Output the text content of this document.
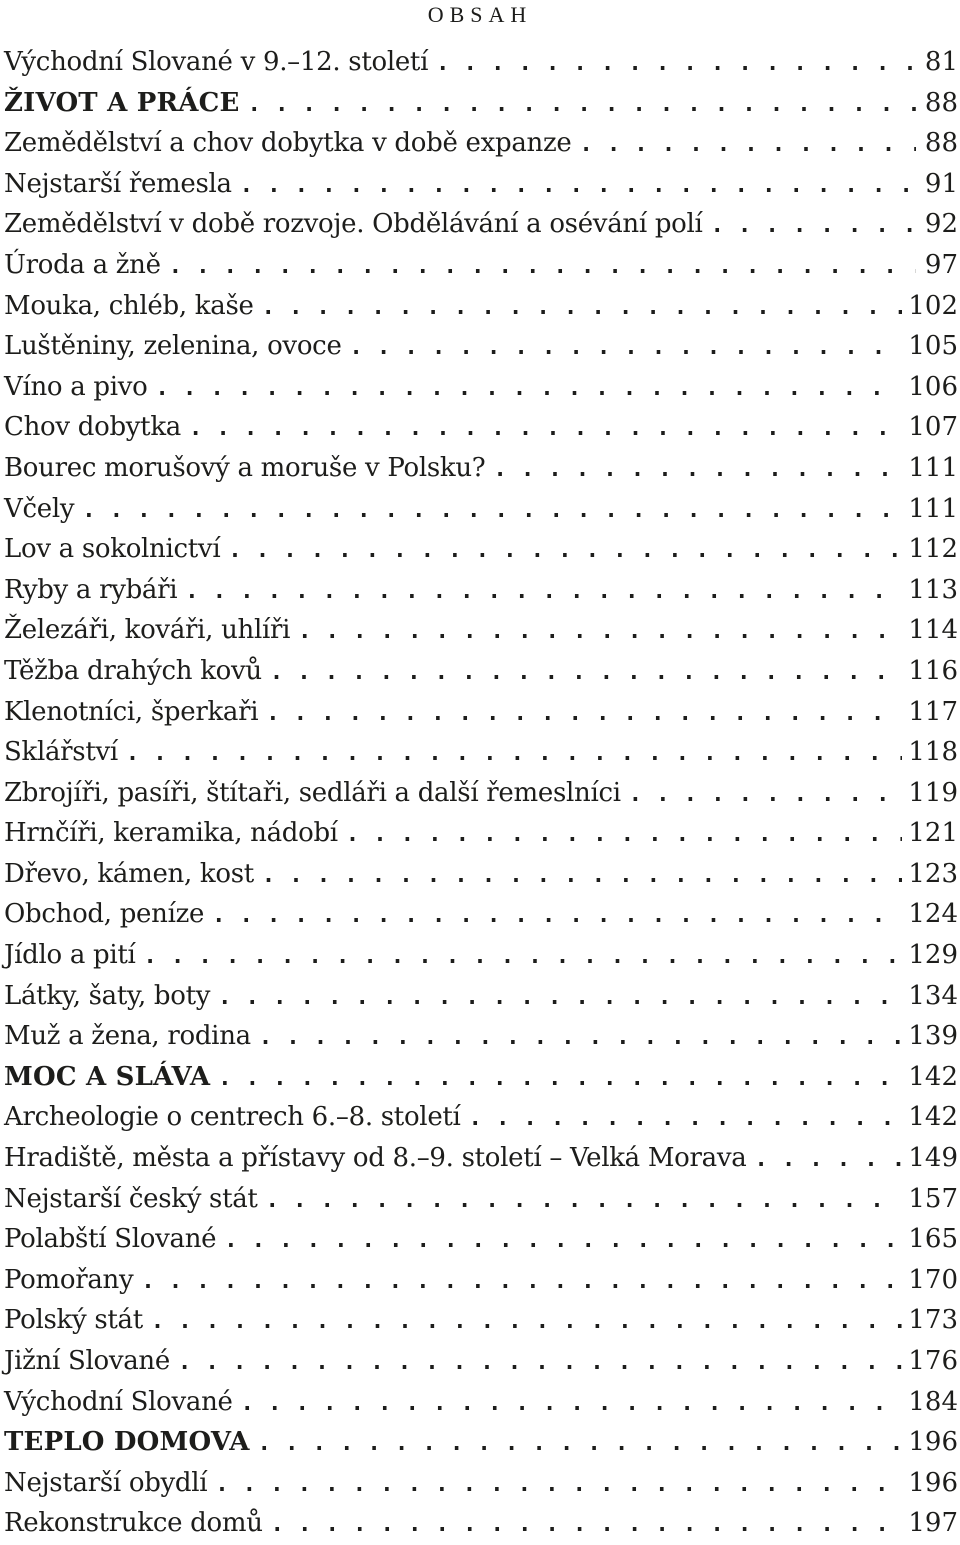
OBSAH
Východní Slované v 9.–12. století . . .	81
ŽIVOT A PRÁCE . . .	88
Zemědělství a chov dobytka v době expanze . . .	88
Nejstarší řemesla . . .	91
Zemědělství v době rozvoje. Obdělávání a osévání polí . . .	92
Úroda a žně . . .	97
Mouka, chléb, kaše . . .	102
Luštěniny, zelenina, ovoce . . .	105
Víno a pivo . . .	106
Chov dobytka . . .	107
Bourec morušový a moruše v Polsku? . . .	111
Včely . . .	111
Lov a sokolnictví . . .	112
Ryby a rybáři . . .	113
Železáři, kováři, uhlíři . . .	114
Těžba drahých kovů . . .	116
Klenotníci, šperkaři . . .	117
Sklářství . . .	118
Zbrojíři, pasíři, štítaři, sedláři a další řemeslníci . . .	119
Hrnčíři, keramika, nádobí . . .	121
Dřevo, kámen, kost . . .	123
Obchod, peníze . . .	124
Jídlo a pití . . .	129
Látky, šaty, boty . . .	134
Muž a žena, rodina . . .	139
MOC A SLÁVA . . .	142
Archeologie o centrech 6.–8. století . . .	142
Hradiště, města a přístavy od 8.–9. století – Velká Morava . . .	149
Nejstarší český stát . . .	157
Polabští Slované . . .	165
Pomořany . . .	170
Polský stát . . .	173
Jižní Slované . . .	176
Východní Slované . . .	184
TEPLO DOMOVA . . .	196
Nejstarší obydlí . . .	196
Rekonstrukce domů . . .	197
